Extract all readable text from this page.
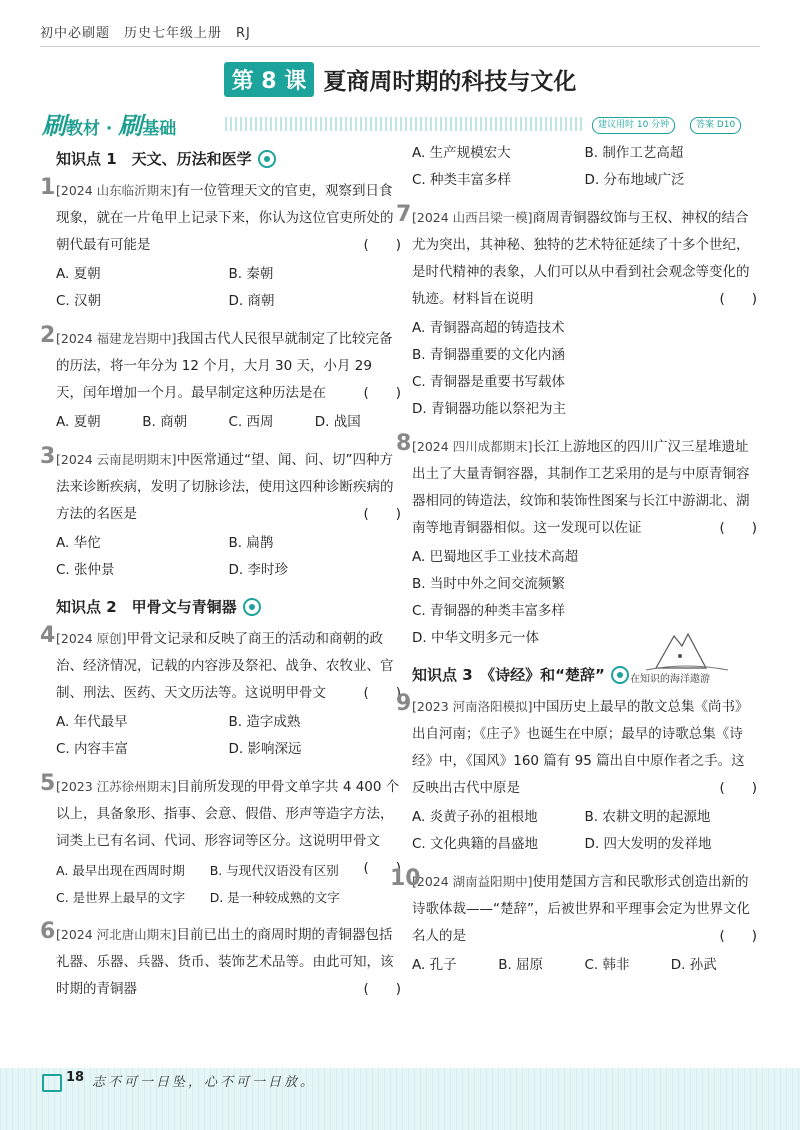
初中必刷题　历史七年级上册　RJ
第 8 课 夏商周时期的科技与文化
刷教材 · 刷基础	建议用时 10 分钟	答案 D10
知识点 1　天文、历法和医学
1 [2024 山东临沂期末]有一位管理天文的官吏，观察到日食现象，就在一片龟甲上记录下来，你认为这位官吏所处的朝代最有可能是	(　　)
A. 夏朝	B. 秦朝
C. 汉朝	D. 商朝
2 [2024 福建龙岩期中]我国古代人民很早就制定了比较完备的历法，将一年分为 12 个月，大月 30 天，小月 29 天，闰年增加一个月。最早制定这种历法是在	(　　)
A. 夏朝	B. 商朝	C. 西周	D. 战国
3 [2024 云南昆明期末]中医常通过“望、闻、问、切”四种方法来诊断疾病，发明了切脉诊法，使用这四种诊断疾病的方法的名医是	(　　)
A. 华佗	B. 扁鹊
C. 张仲景	D. 李时珍
知识点 2　甲骨文与青铜器
4 [2024 原创]甲骨文记录和反映了商王的活动和商朝的政治、经济情况，记载的内容涉及祭祀、战争、农牧业、官制、刑法、医药、天文历法等。这说明甲骨文	(　　)
A. 年代最早	B. 造字成熟
C. 内容丰富	D. 影响深远
5 [2023 江苏徐州期末]目前所发现的甲骨文单字共 4 400 个以上，具备象形、指事、会意、假借、形声等造字方法，词类上已有名词、代词、形容词等区分。这说明甲骨文
(　　)
A. 最早出现在西周时期	B. 与现代汉语没有区别
C. 是世界上最早的文字	D. 是一种较成熟的文字
6 [2024 河北唐山期末]目前已出土的商周时期的青铜器包括礼器、乐器、兵器、货币、装饰艺术品等。由此可知，该时期的青铜器	(　　)
A. 生产规模宏大	B. 制作工艺高超
C. 种类丰富多样	D. 分布地域广泛
7 [2024 山西吕梁一模]商周青铜器纹饰与王权、神权的结合尤为突出，其神秘、独特的艺术特征延续了十多个世纪，是时代精神的表象，人们可以从中看到社会观念等变化的轨迹。材料旨在说明	(　　)
A. 青铜器高超的铸造技术
B. 青铜器重要的文化内涵
C. 青铜器是重要书写载体
D. 青铜器功能以祭祀为主
8 [2024 四川成都期末]长江上游地区的四川广汉三星堆遗址出土了大量青铜容器，其制作工艺采用的是与中原青铜容器相同的铸造法，纹饰和装饰性图案与长江中游湖北、湖南等地青铜器相似。这一发现可以佐证	(　　)
A. 巴蜀地区手工业技术高超
B. 当时中外之间交流频繁
C. 青铜器的种类丰富多样
D. 中华文明多元一体
知识点 3　《诗经》和“楚辞”
9 [2023 河南洛阳模拟]中国历史上最早的散文总集《尚书》出自河南；《庄子》也诞生在中原；最早的诗歌总集《诗经》中，《国风》160 篇有 95 篇出自中原作者之手。这反映出古代中原是	(　　)
A. 炎黄子孙的祖根地	B. 农耕文明的起源地
C. 文化典籍的昌盛地	D. 四大发明的发祥地
10
[2024 湖南益阳期中]使用楚国方言和民歌形式创造出新的诗歌体裁——“楚辞”，后被世界和平理事会定为世界文化名人的是	(　　)
A. 孔子	B. 屈原	C. 韩非	D. 孙武
在知识的海洋遨游
18 志不可一日坠，心不可一日放。
